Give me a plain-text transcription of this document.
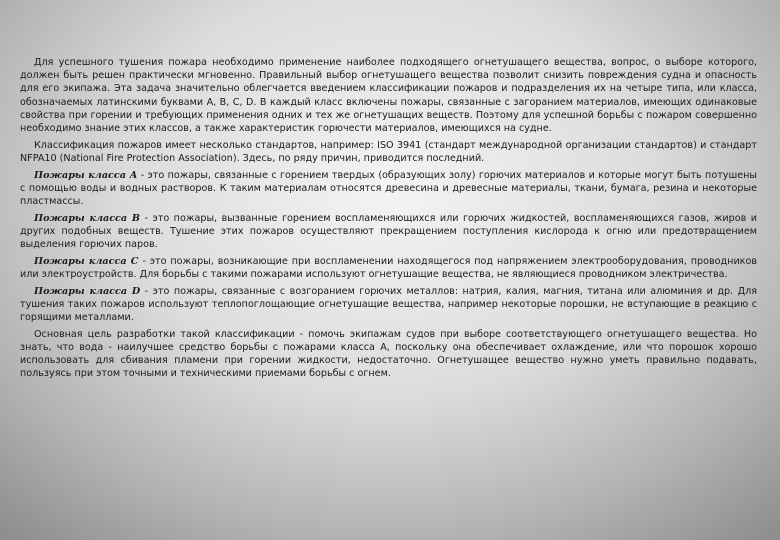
Для успешного тушения пожара необходимо применение наиболее подходящего огнетушащего вещества, вопрос, о выборе которого, должен быть решен практически мгновенно. Правильный выбор огнетушащего вещества позволит снизить повреждения судна и опасность для его экипажа. Эта задача значительно облегчается введением классификации пожаров и подразделения их на четыре типа, или класса, обозначаемых латинскими буквами A, B, C, D. В каждый класс включены пожары, связанные с загоранием материалов, имеющих одинаковые свойства при горении и требующих применения одних и тех же огнетушащих веществ. Поэтому для успешной борьбы с пожаром совершенно необходимо знание этих классов, а также характеристик горючести материалов, имеющихся на судне.

Классификация пожаров имеет несколько стандартов, например: ISO 3941 (стандарт международной организации стандартов) и стандарт NFPA10 (National Fire Protection Association). Здесь, по ряду причин, приводится последний.

Пожары класса А - это пожары, связанные с горением твердых (образующих золу) горючих материалов и которые могут быть потушены с помощью воды и водных растворов. К таким материалам относятся древесина и древесные материалы, ткани, бумага, резина и некоторые пластмассы.

Пожары класса В - это пожары, вызванные горением воспламеняющихся или горючих жидкостей, воспламеняющихся газов, жиров и других подобных веществ. Тушение этих пожаров осуществляют прекращением поступления кислорода к огню или предотвращением выделения горючих паров.

Пожары класса С - это пожары, возникающие при воспламенении находящегося под напряжением электрооборудования, проводников или электроустройств. Для борьбы с такими пожарами используют огнетушащие вещества, не являющиеся проводником электричества.

Пожары класса D - это пожары, связанные с возгоранием горючих металлов: натрия, калия, магния, титана или алюминия и др. Для тушения таких пожаров используют теплопоглощающие огнетушащие вещества, например некоторые порошки, не вступающие в реакцию с горящими металлами.

Основная цель разработки такой классификации - помочь экипажам судов при выборе соответствующего огнетушащего вещества. Но знать, что вода - наилучшее средство борьбы с пожарами класса А, поскольку она обеспечивает охлаждение, или что порошок хорошо использовать для сбивания пламени при горении жидкости, недостаточно. Огнетушащее вещество нужно уметь правильно подавать, пользуясь при этом точными и техническими приемами борьбы с огнем.
